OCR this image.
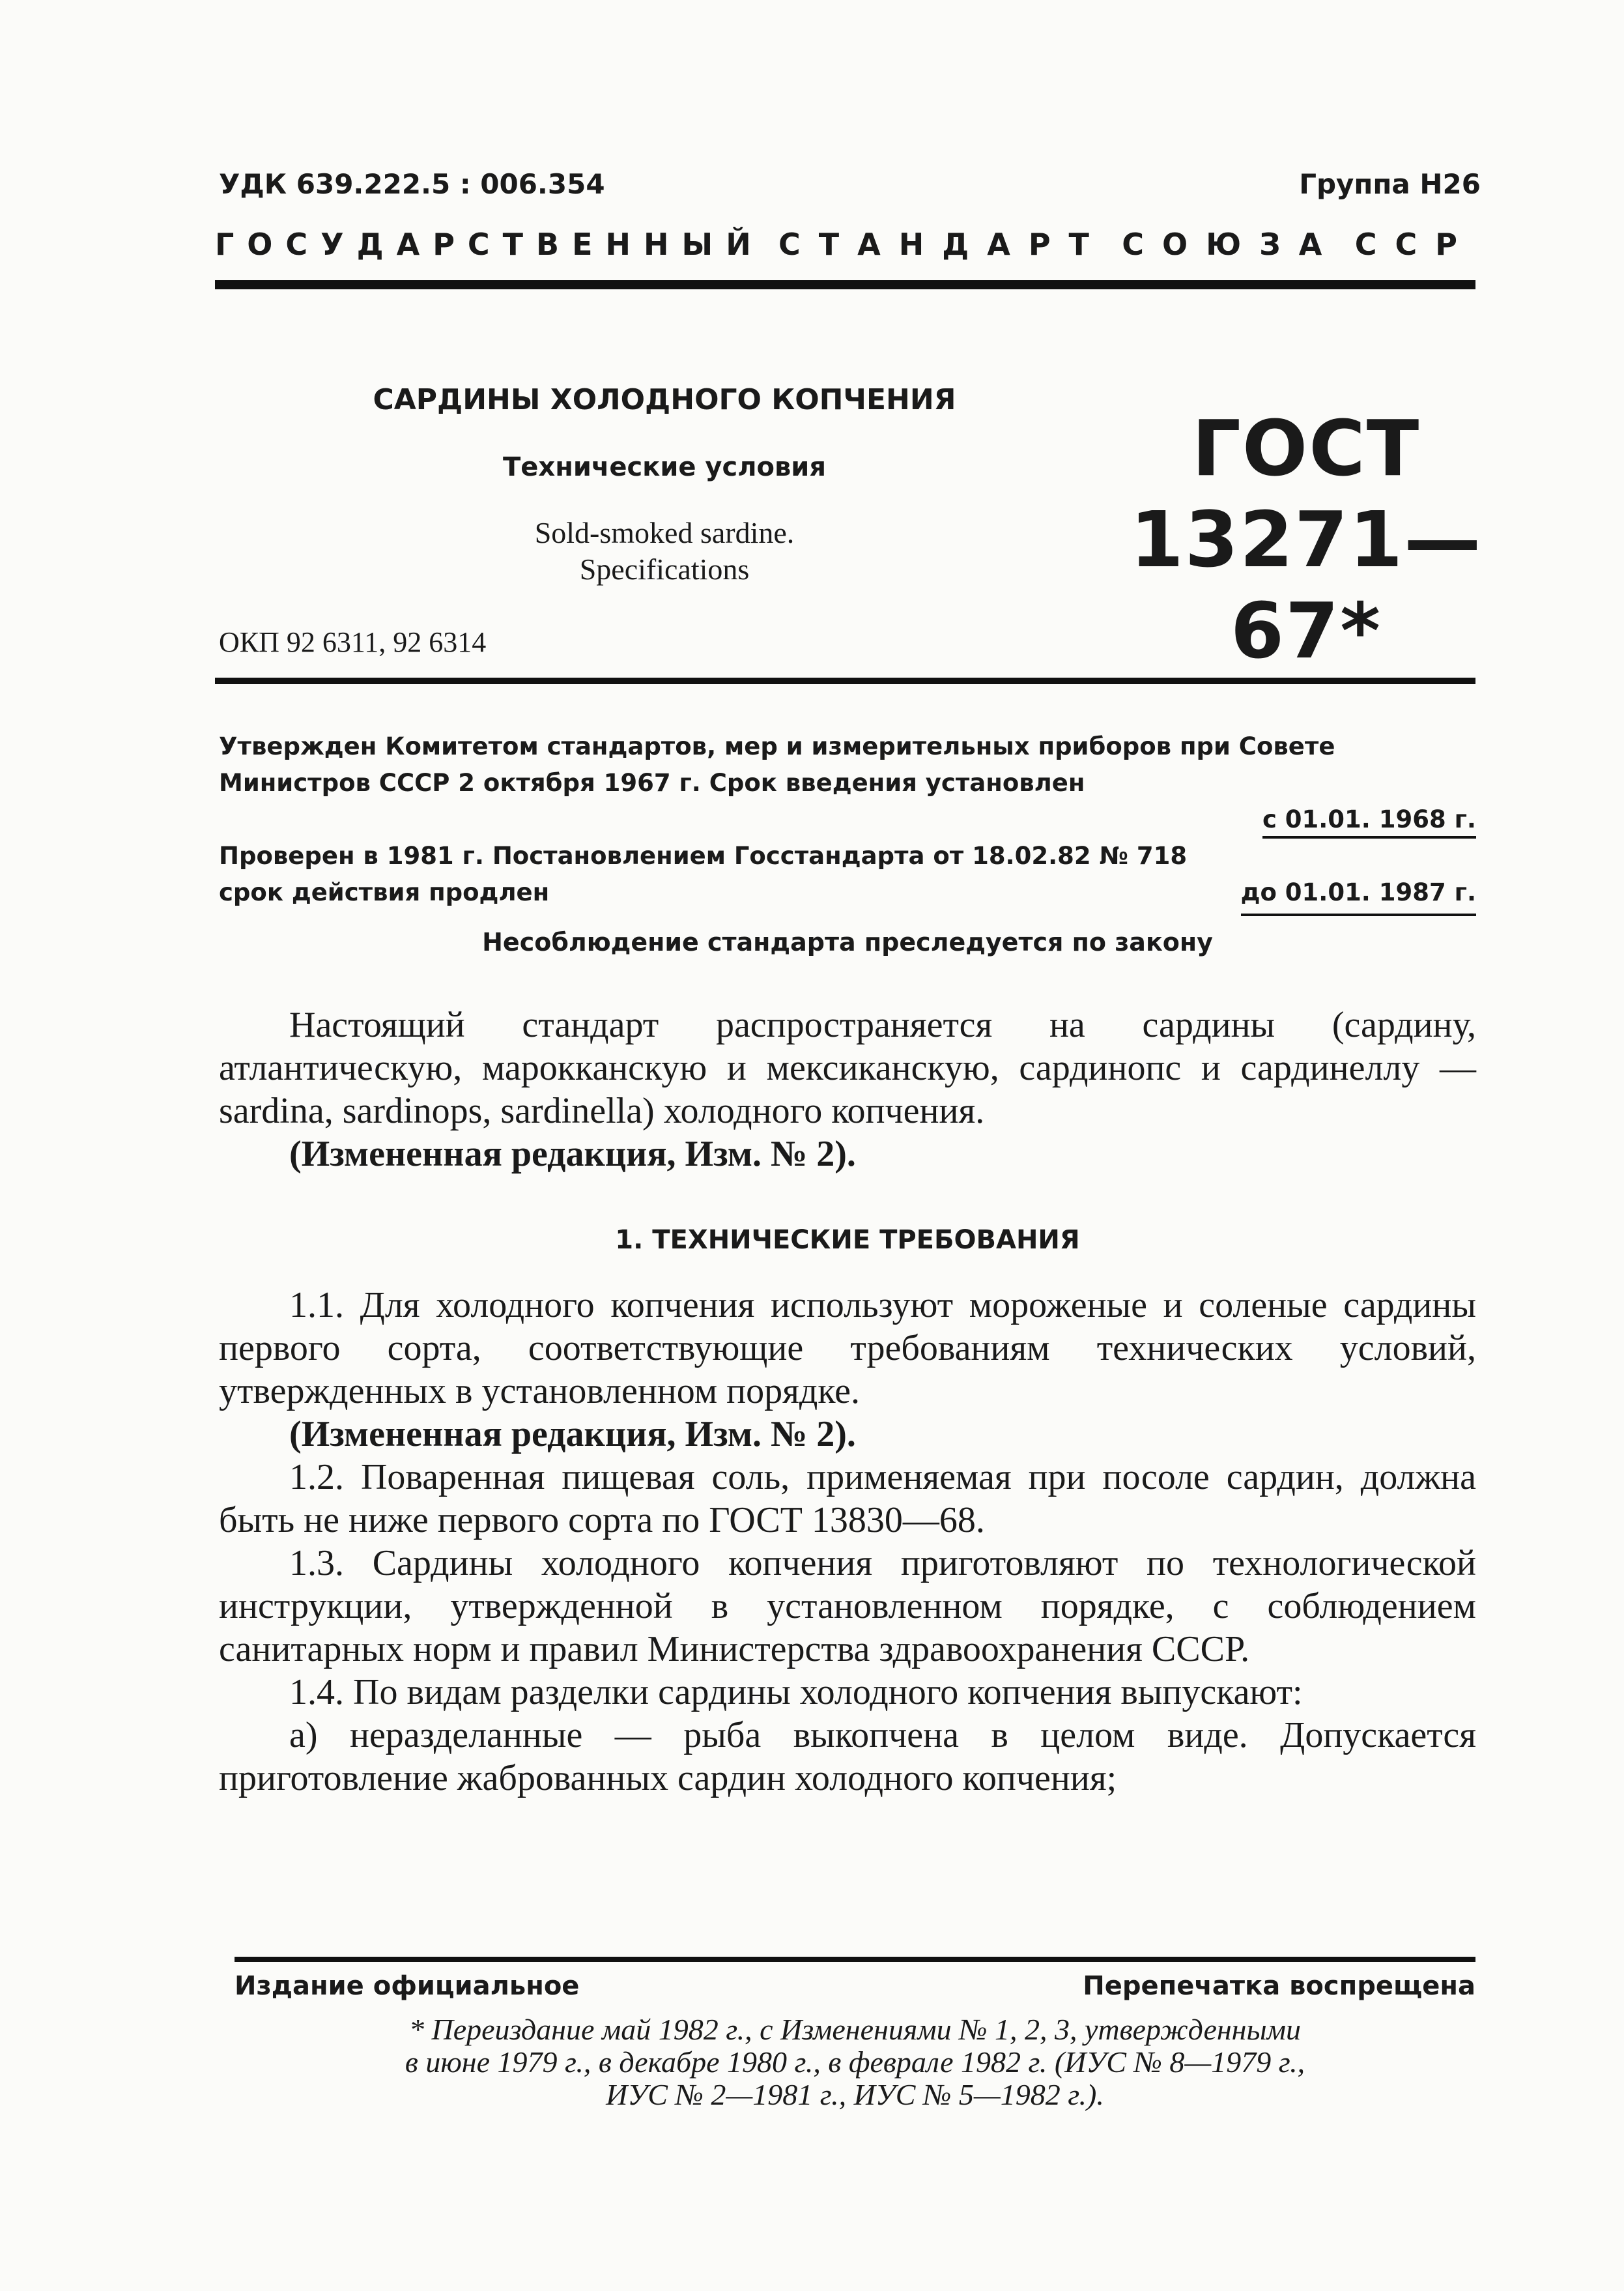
УДК 639.222.5 : 006.354	Группа Н26
ГОСУДАРСТВЕННЫЙ СТАНДАРТ СОЮЗА ССР
САРДИНЫ ХОЛОДНОГО КОПЧЕНИЯ
Технические условия
Sold-smoked sardine.
Specifications
ГОСТ
13271—67*
ОКП 92 6311, 92 6314
Утвержден Комитетом стандартов, мер и измерительных приборов при Совете
Министров СССР 2 октября 1967 г. Срок введения установлен
с 01.01. 1968 г.
Проверен в 1981 г. Постановлением Госстандарта от 18.02.82 № 718
срок действия продлен	до 01.01. 1987 г.
Несоблюдение стандарта преследуется по закону

Настоящий стандарт распространяется на сардины (сардину, атлантическую, марокканскую и мексиканскую, сардинопс и сардинеллу — sardina, sardinops, sardinella) холодного копчения.

(Измененная редакция, Изм. № 2).

1. ТЕХНИЧЕСКИЕ ТРЕБОВАНИЯ

1.1. Для холодного копчения используют мороженые и соленые сардины первого сорта, соответствующие требованиям технических условий, утвержденных в установленном порядке.

(Измененная редакция, Изм. № 2).

1.2. Поваренная пищевая соль, применяемая при посоле сардин, должна быть не ниже первого сорта по ГОСТ 13830—68.

1.3. Сардины холодного копчения приготовляют по технологической инструкции, утвержденной в установленном порядке, с соблюдением санитарных норм и правил Министерства здравоохранения СССР.

1.4. По видам разделки сардины холодного копчения выпускают:

а) неразделанные — рыба выкопчена в целом виде. Допускается приготовление жаброванных сардин холодного копчения;

Издание официальное	Перепечатка воспрещена
* Переиздание май 1982 г., с Изменениями № 1, 2, 3, утвержденными
в июне 1979 г., в декабре 1980 г., в феврале 1982 г. (ИУС № 8—1979 г.,
ИУС № 2—1981 г., ИУС № 5—1982 г.).
